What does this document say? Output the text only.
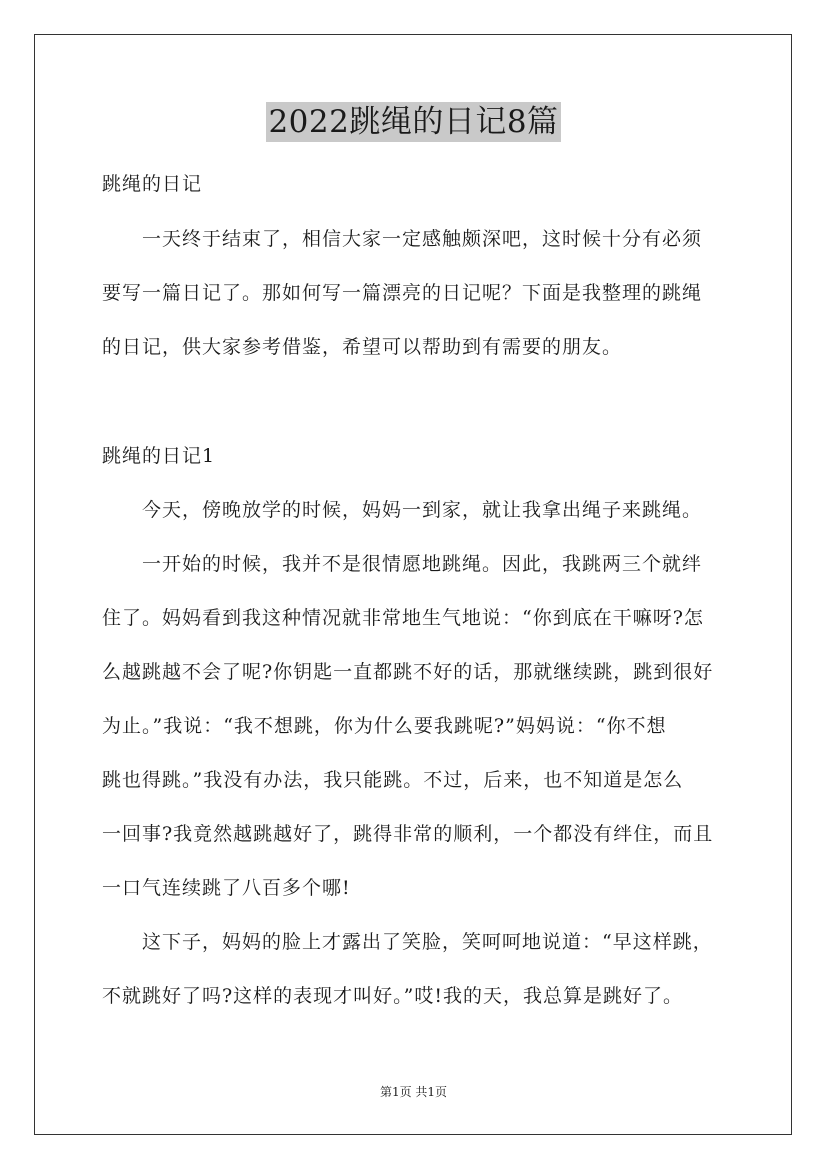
2022跳绳的日记8篇
跳绳的日记
　　一天终于结束了，相信大家一定感触颇深吧，这时候十分有必须
要写一篇日记了。那如何写一篇漂亮的日记呢？下面是我整理的跳绳
的日记，供大家参考借鉴，希望可以帮助到有需要的朋友。
跳绳的日记1
　　今天，傍晚放学的时候，妈妈一到家，就让我拿出绳子来跳绳。
　　一开始的时候，我并不是很情愿地跳绳。因此，我跳两三个就绊
住了。妈妈看到我这种情况就非常地生气地说：“你到底在干嘛呀?怎
么越跳越不会了呢?你钥匙一直都跳不好的话，那就继续跳，跳到很好
为止。”我说：“我不想跳，你为什么要我跳呢?”妈妈说：“你不想
跳也得跳。”我没有办法，我只能跳。不过，后来，也不知道是怎么
一回事?我竟然越跳越好了，跳得非常的顺利，一个都没有绊住，而且
一口气连续跳了八百多个哪!
　　这下子，妈妈的脸上才露出了笑脸，笑呵呵地说道：“早这样跳，
不就跳好了吗?这样的表现才叫好。”哎!我的天，我总算是跳好了。
第1页 共1页
